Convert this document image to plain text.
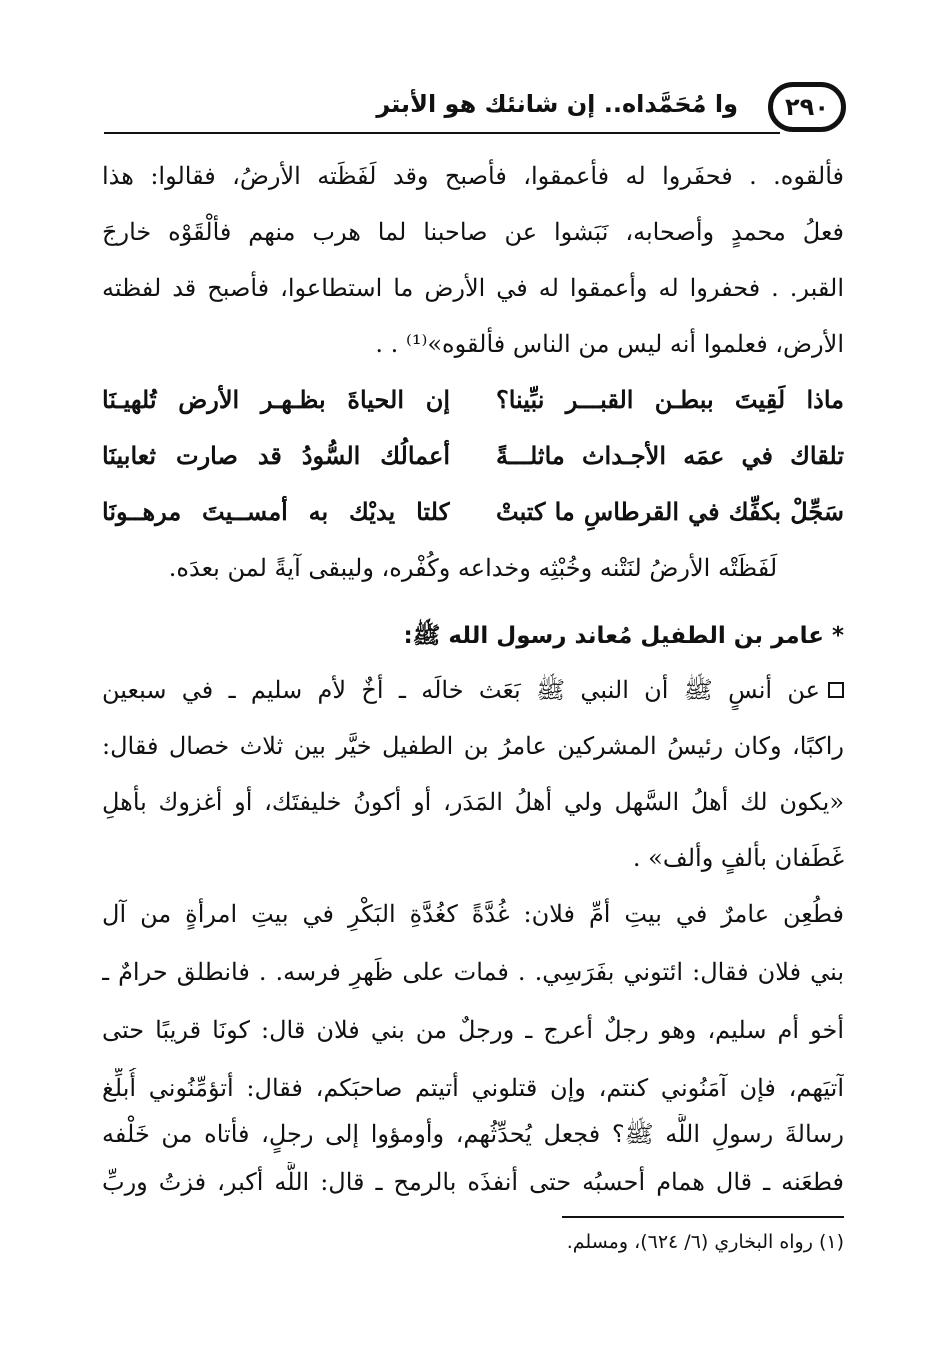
٢٩٠
وا مُحَمَّداه.. إن شانئك هو الأبتر
فألقوه. . فحفَروا له فأعمقوا، فأصبح وقد لَفَظَته الأرضُ، فقالوا: هذا
فعلُ محمدٍ وأصحابه، نَبَشوا عن صاحبنا لما هرب منهم فألْقَوْه خارجَ
القبر. . فحفروا له وأعمقوا له في الأرض ما استطاعوا، فأصبح قد لفظته
الأرض، فعلموا أنه ليس من الناس فألقوه»⁽¹⁾ . .
ماذا لَقِيتَ ببطـن القبـــر نبِّينا؟
إن الحياةَ بظـهـر الأرض تُلهيـنَا
تلقاك في عمَه الأجـداث ماثلـــةً
أعمالُك السُّودُ قد صارت ثعابينَا
سَجِّلْ بكفِّك في القرطاسِ ما كتبتْ
كلتا يديْك به أمســيتَ مرهــونَا
لَفَظَتْه الأرضُ لنَتْنه وخُبْثِه وخداعه وكُفْره، وليبقى آيةً لمن بعدَه.
*عامر بن الطفيل مُعاند رسول الله ﷺ:
عن أنسٍ ﷺ أن النبي ﷺ بَعَث خالَه ـ أخٌ لأم سليم ـ في سبعين
راكبًا، وكان رئيسُ المشركين عامرُ بن الطفيل خيَّر بين ثلاث خصال فقال:
«يكون لك أهلُ السَّهل ولي أهلُ المَدَر، أو أكونُ خليفتَك، أو أغزوك بأهلِ
غَطَفان بألفٍ وألف» .
فطُعِن عامرٌ في بيتِ أمِّ فلان: غُدَّةً كغُدَّةِ البَكْرِ في بيتِ امرأةٍ من آل
بني فلان فقال: ائتوني بفَرَسِي. . فمات على ظَهرِ فرسه. . فانطلق حرامٌ ـ
أخو أم سليم، وهو رجلٌ أعرج ـ ورجلٌ من بني فلان قال: كونَا قريبًا حتى
آتيَهم، فإن آمَنُوني كنتم، وإن قتلوني أتيتم صاحبَكم، فقال: أتؤمِّنُوني أُبلِّغ
رسالةَ رسولِ اللَّه ﷺ؟ فجعل يُحدِّثُهم، وأومؤوا إلى رجلٍ، فأتاه من خَلْفه
فطعَنه ـ قال همام أحسبُه حتى أنفذَه بالرمح ـ قال: اللَّه أكبر، فزتُ وربِّ
(١) رواه البخاري (٦/ ٦٢٤)، ومسلم.
